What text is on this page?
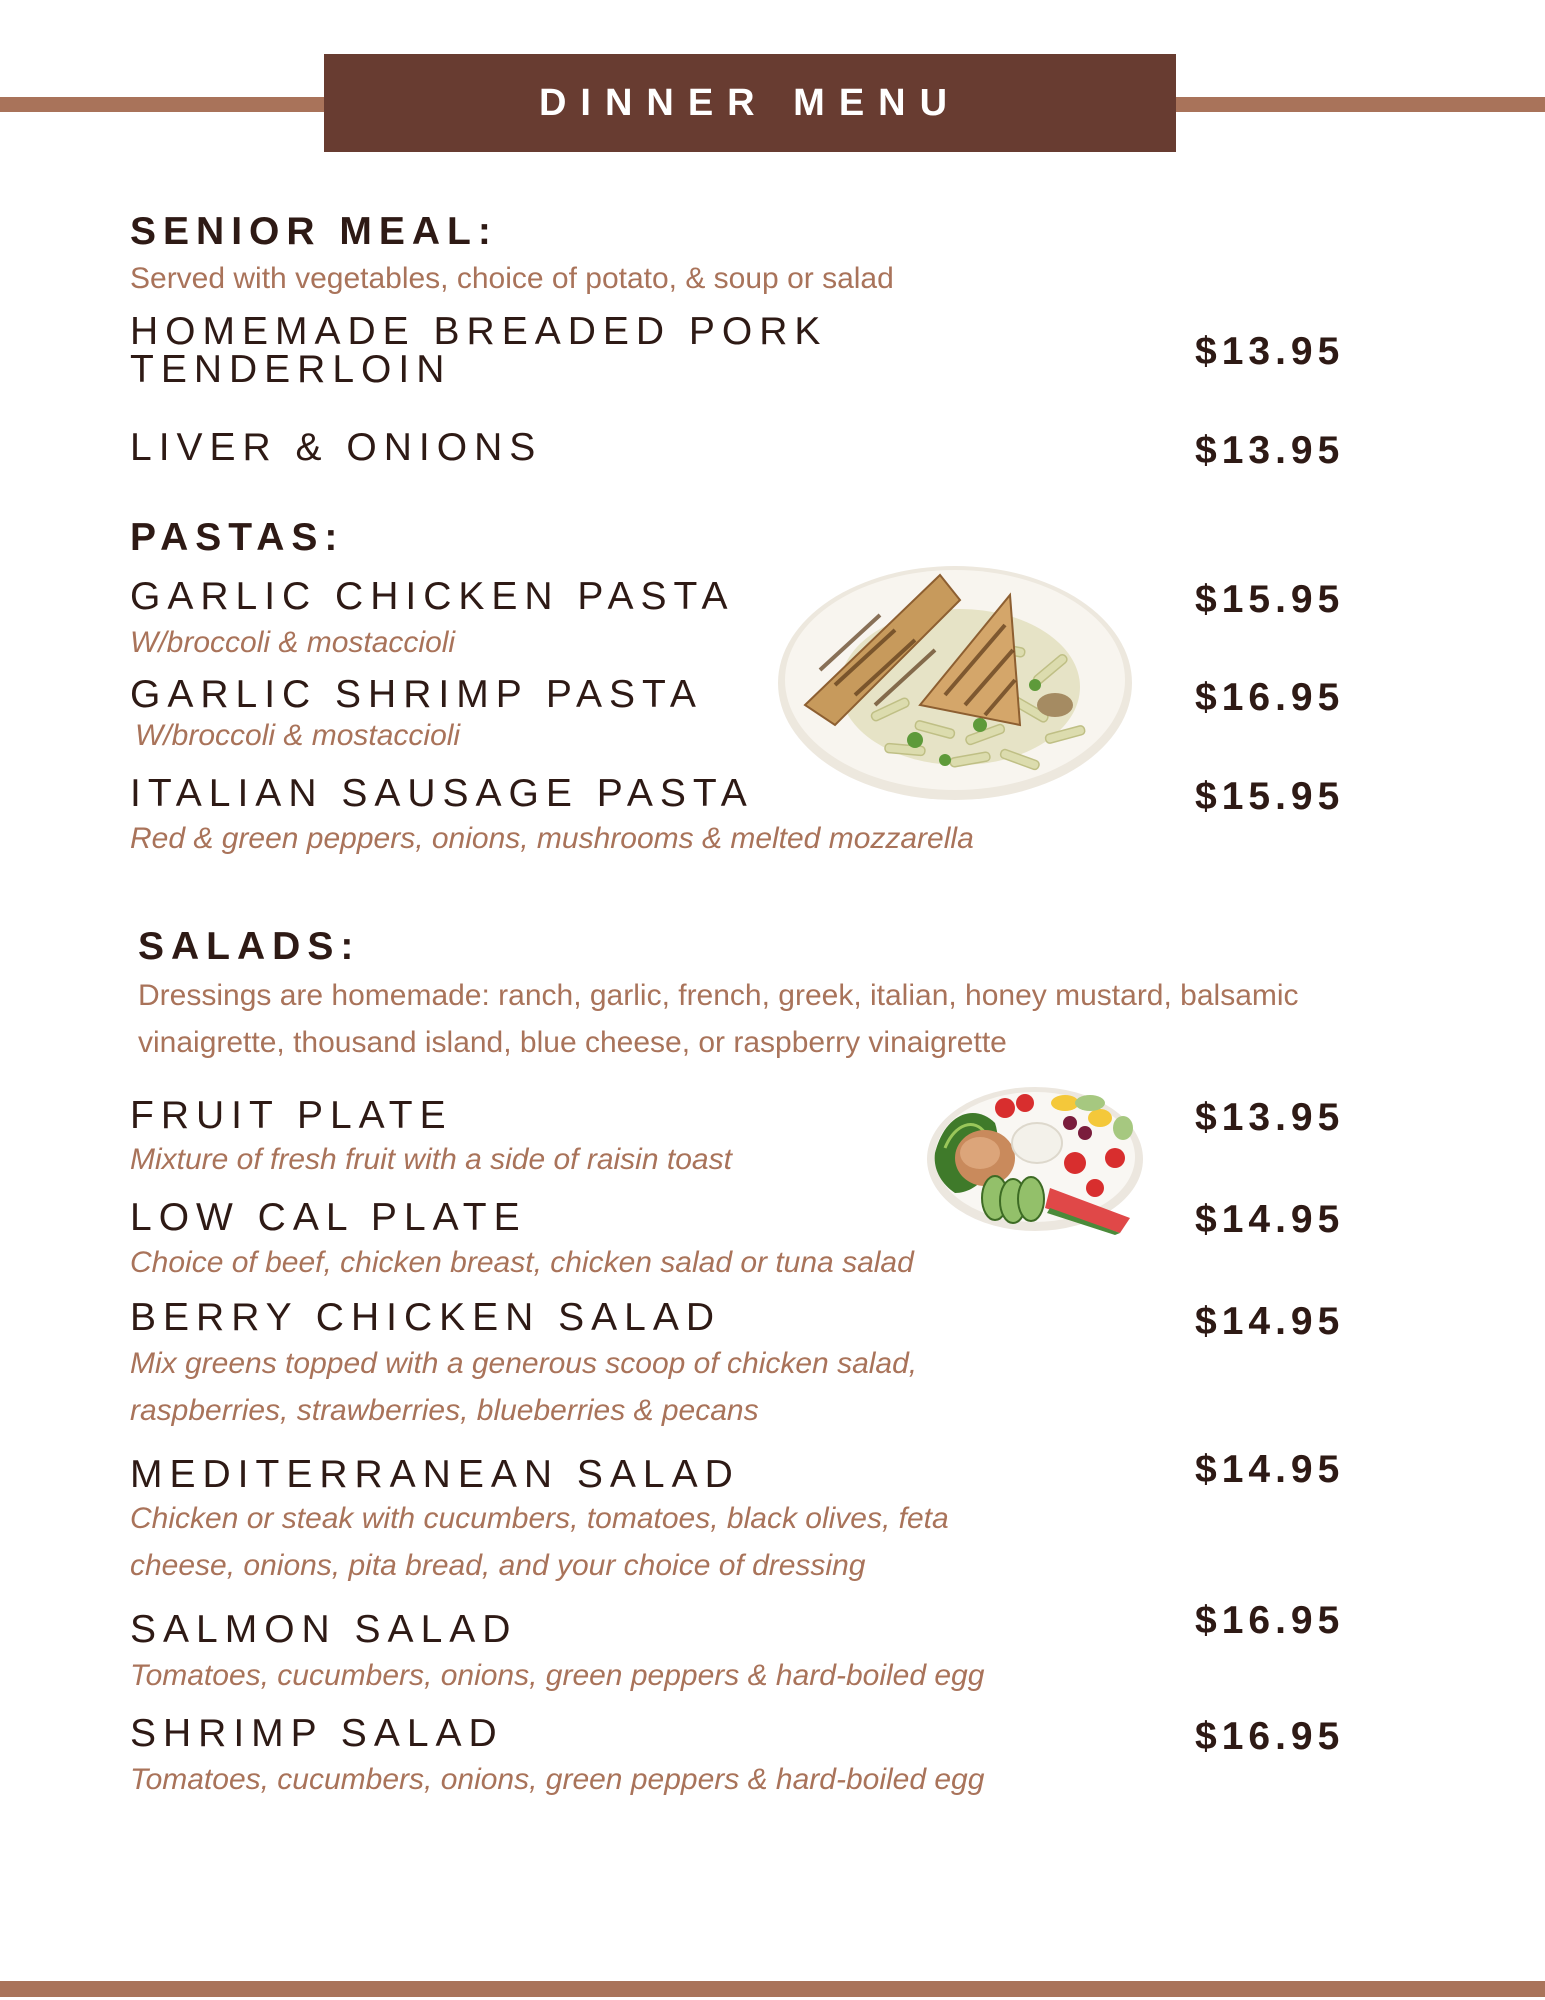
DINNER MENU
SENIOR MEAL:
Served with vegetables, choice of potato, & soup or salad
HOMEMADE BREADED PORK
TENDERLOIN	$13.95
LIVER & ONIONS	$13.95
PASTAS:
GARLIC CHICKEN PASTA
W/broccoli & mostaccioli
$15.95
GARLIC SHRIMP PASTA
W/broccoli & mostaccioli
$16.95
ITALIAN SAUSAGE PASTA
Red & green peppers, onions, mushrooms & melted mozzarella
$15.95
SALADS:
Dressings are homemade: ranch, garlic, french, greek, italian, honey mustard, balsamic
vinaigrette, thousand island, blue cheese, or raspberry vinaigrette
FRUIT PLATE
Mixture of fresh fruit with a side of raisin toast
$13.95
LOW CAL PLATE
Choice of beef, chicken breast, chicken salad or tuna salad
$14.95
BERRY CHICKEN SALAD
Mix greens topped with a generous scoop of chicken salad,
raspberries, strawberries, blueberries & pecans
$14.95
MEDITERRANEAN SALAD
Chicken or steak with cucumbers, tomatoes, black olives, feta
cheese, onions, pita bread, and your choice of dressing
$14.95
SALMON SALAD
Tomatoes, cucumbers, onions, green peppers & hard-boiled egg
$16.95
SHRIMP SALAD
Tomatoes, cucumbers, onions, green peppers & hard-boiled egg
$16.95
